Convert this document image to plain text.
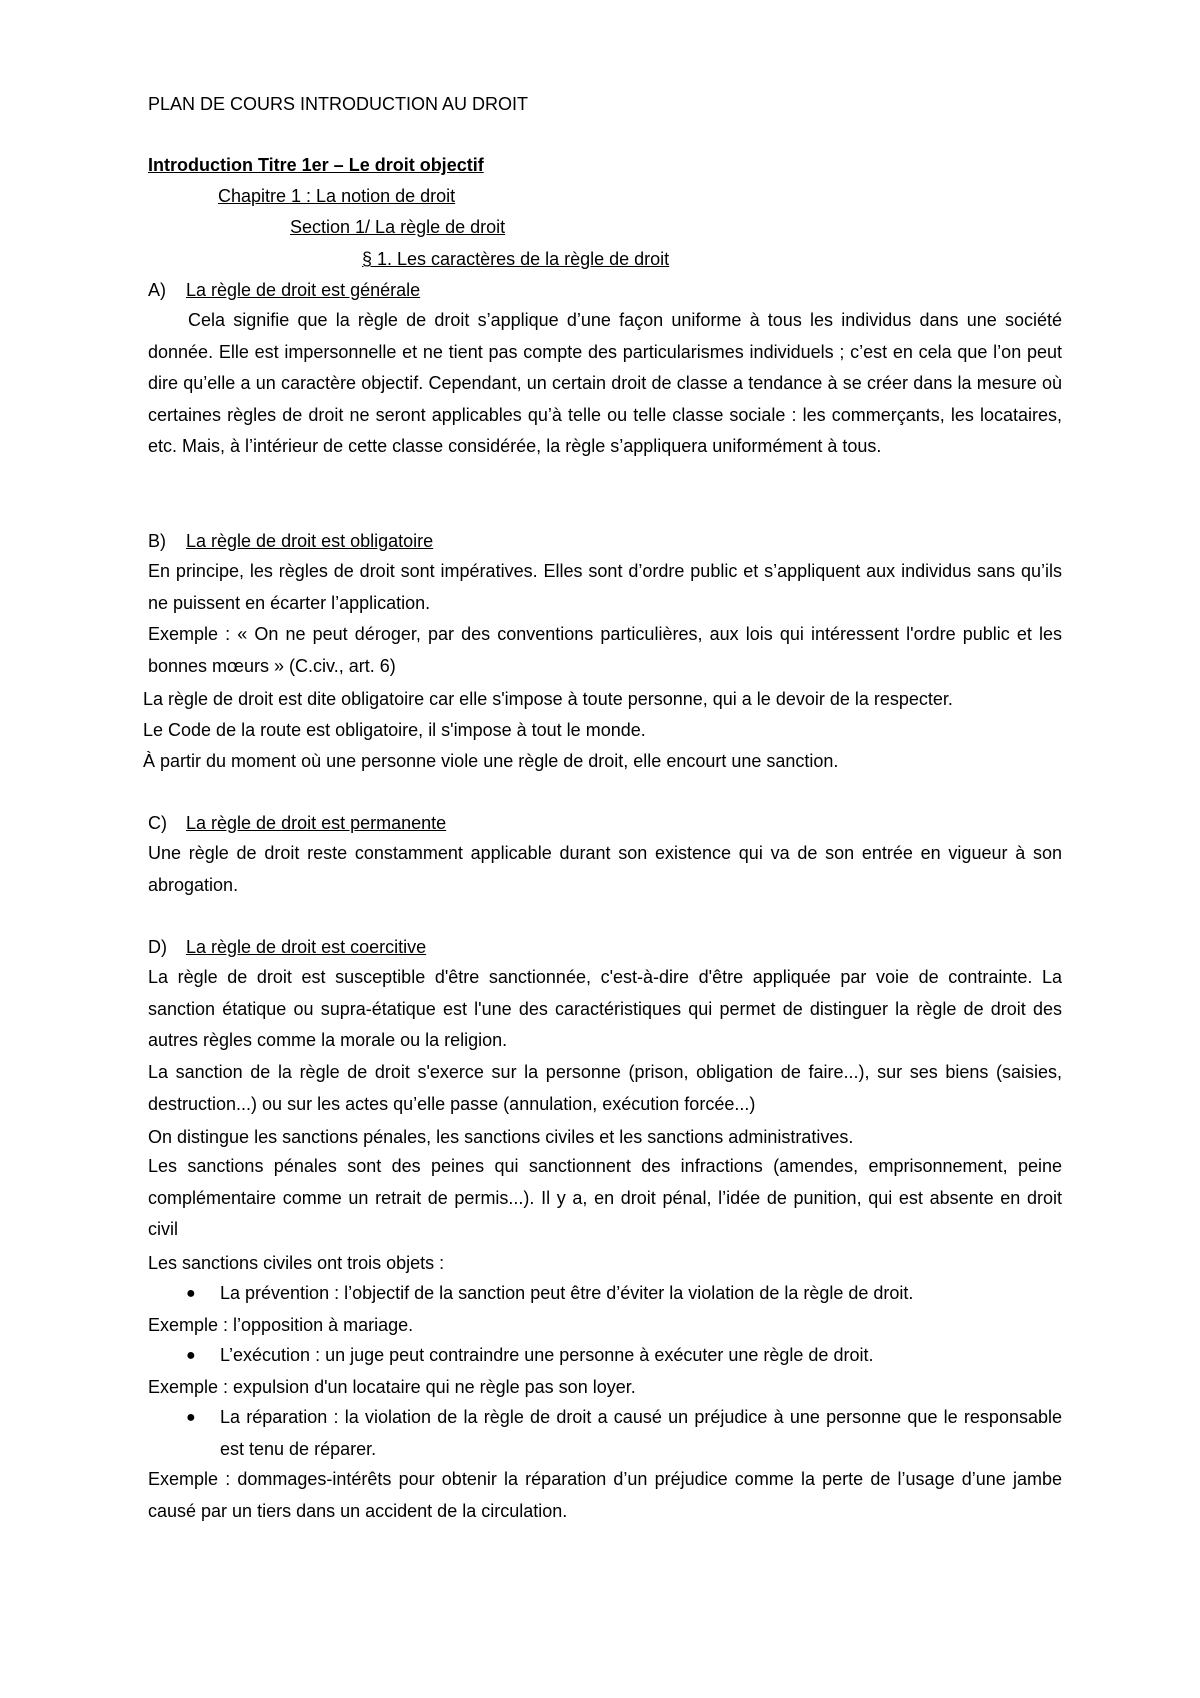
PLAN DE COURS INTRODUCTION AU DROIT
Introduction Titre 1er – Le droit objectif
Chapitre 1 : La notion de droit
Section 1/ La règle de droit
§ 1. Les caractères de la règle de droit
A) La règle de droit est générale
Cela signifie que la règle de droit s’applique d’une façon uniforme à tous les individus dans une société donnée. Elle est impersonnelle et ne tient pas compte des particularismes individuels ; c’est en cela que l’on peut dire qu’elle a un caractère objectif. Cependant, un certain droit de classe a tendance à se créer dans la mesure où certaines règles de droit ne seront applicables qu’à telle ou telle classe sociale : les commerçants, les locataires, etc. Mais, à l’intérieur de cette classe considérée, la règle s’appliquera uniformément à tous.
B) La règle de droit est obligatoire
En principe, les règles de droit sont impératives. Elles sont d’ordre public et s’appliquent aux individus sans qu’ils ne puissent en écarter l’application.
Exemple : « On ne peut déroger, par des conventions particulières, aux lois qui intéressent l'ordre public et les bonnes mœurs » (C.civ., art. 6)
La règle de droit est dite obligatoire car elle s'impose à toute personne, qui a le devoir de la respecter.
Le Code de la route est obligatoire, il s'impose à tout le monde.
À partir du moment où une personne viole une règle de droit, elle encourt une sanction.
C) La règle de droit est permanente
Une règle de droit reste constamment applicable durant son existence qui va de son entrée en vigueur à son abrogation.
D) La règle de droit est coercitive
La règle de droit est susceptible d'être sanctionnée, c'est-à-dire d'être appliquée par voie de contrainte. La sanction étatique ou supra-étatique est l'une des caractéristiques qui permet de distinguer la règle de droit des autres règles comme la morale ou la religion.
La sanction de la règle de droit s'exerce sur la personne (prison, obligation de faire...), sur ses biens (saisies, destruction...) ou sur les actes qu’elle passe (annulation, exécution forcée...)
On distingue les sanctions pénales, les sanctions civiles et les sanctions administratives.
Les sanctions pénales sont des peines qui sanctionnent des infractions (amendes, emprisonnement, peine complémentaire comme un retrait de permis...). Il y a, en droit pénal, l’idée de punition, qui est absente en droit civil
Les sanctions civiles ont trois objets :
● La prévention : l’objectif de la sanction peut être d’éviter la violation de la règle de droit.
Exemple : l’opposition à mariage.
● L’exécution : un juge peut contraindre une personne à exécuter une règle de droit.
Exemple : expulsion d'un locataire qui ne règle pas son loyer.
● La réparation : la violation de la règle de droit a causé un préjudice à une personne que le responsable est tenu de réparer.
Exemple : dommages-intérêts pour obtenir la réparation d’un préjudice comme la perte de l’usage d’une jambe causé par un tiers dans un accident de la circulation.
